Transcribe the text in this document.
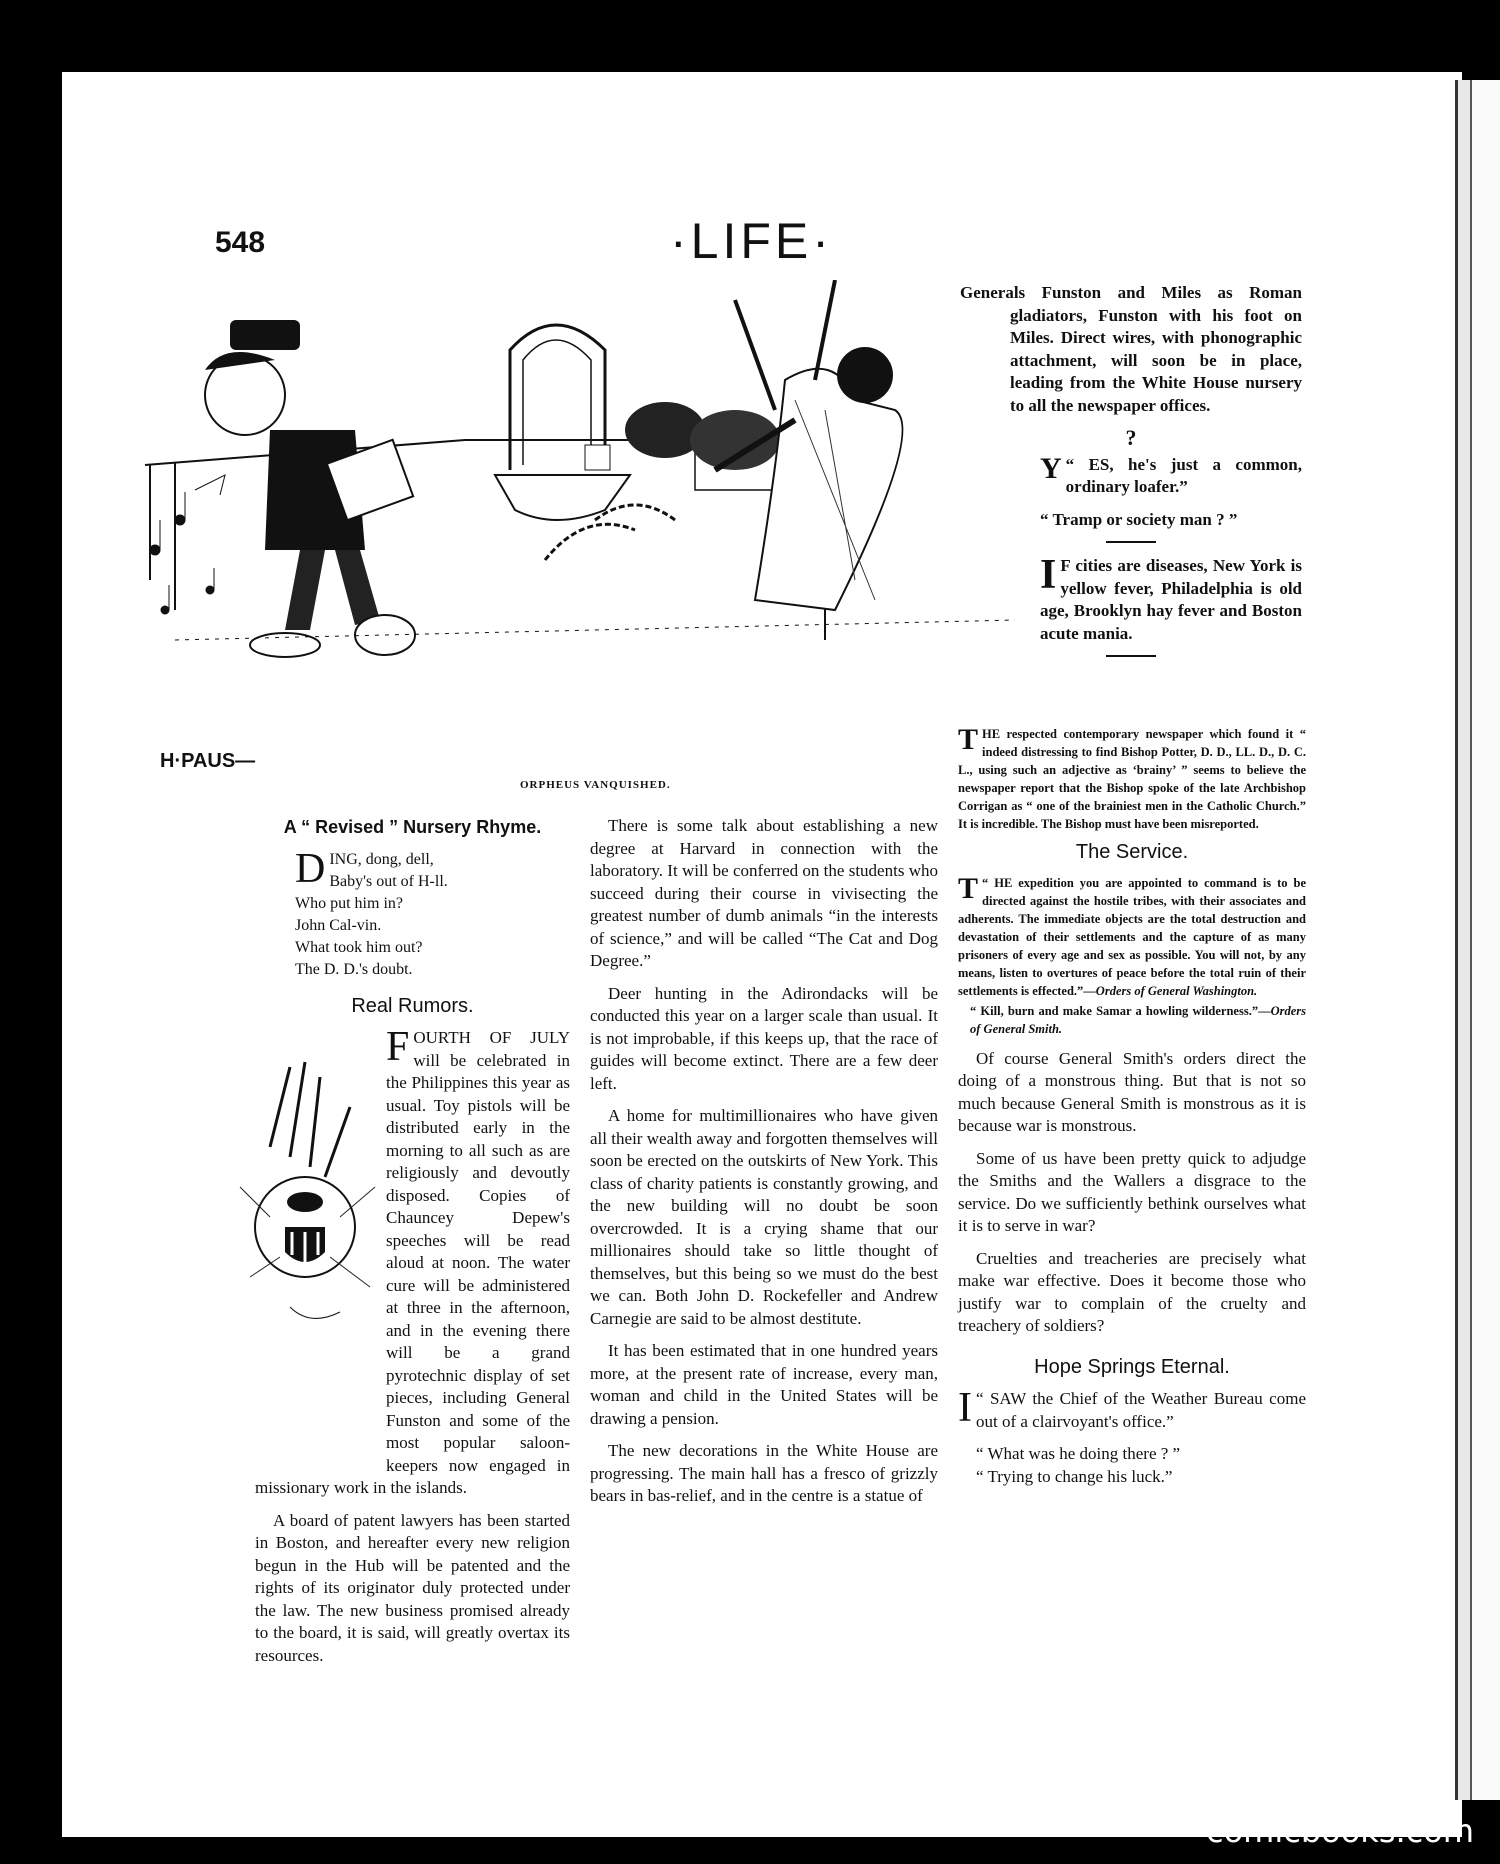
548	·LIFE·
H·PAUS—
ORPHEUS VANQUISHED.
A “ Revised ” Nursery Rhyme.
D ING, dong, dell,
Baby's out of H-ll.
Who put him in?
John Cal-vin.
What took him out?
The D. D.'s doubt.
Real Rumors.

FOURTH OF JULY will be celebrated in the Philippines this year as usual. Toy pistols will be distributed early in the morning to all such as are religiously and devoutly disposed. Copies of Chauncey Depew's speeches will be read aloud at noon. The water cure will be administered at three in the afternoon, and in the evening there will be a grand pyrotechnic display of set pieces, including General Funston and some of the most popular saloon-keepers now engaged in missionary work in the islands.

A board of patent lawyers has been started in Boston, and hereafter every new religion begun in the Hub will be patented and the rights of its originator duly protected under the law. The new business promised already to the board, it is said, will greatly overtax its resources.

There is some talk about establishing a new degree at Harvard in connection with the laboratory. It will be conferred on the students who succeed during their course in vivisecting the greatest number of dumb animals “in the interests of science,” and will be called “The Cat and Dog Degree.”

Deer hunting in the Adirondacks will be conducted this year on a larger scale than usual. It is not improbable, if this keeps up, that the race of guides will become extinct. There are a few deer left.

A home for multimillionaires who have given all their wealth away and forgotten themselves will soon be erected on the outskirts of New York. This class of charity patients is constantly growing, and the new building will no doubt be soon overcrowded. It is a crying shame that our millionaires should take so little thought of themselves, but this being so we must do the best we can. Both John D. Rockefeller and Andrew Carnegie are said to be almost destitute.

It has been estimated that in one hundred years more, at the present rate of increase, every man, woman and child in the United States will be drawing a pension.

The new decorations in the White House are progressing. The main hall has a fresco of grizzly bears in bas-relief, and in the centre is a statue of

Generals Funston and Miles as Roman gladiators, Funston with his foot on Miles. Direct wires, with phonographic attachment, will soon be in place, leading from the White House nursery to all the newspaper offices.

?

“
Y ES, he's just a common, ordinary loafer.”

“ Tramp or society man ? ”

I F cities are diseases, New York is yellow fever, Philadelphia is old age, Brooklyn hay fever and Boston acute mania.

THE respected contemporary newspaper which found it “ indeed distressing to find Bishop Potter, D. D., LL. D., D. C. L., using such an adjective as ‘brainy’ ” seems to believe the newspaper report that the Bishop spoke of the late Archbishop Corrigan as “ one of the brainiest men in the Catholic Church.” It is incredible. The Bishop must have been misreported.

The Service.

“
T HE expedition you are appointed to command is to be directed against the hostile tribes, with their associates and adherents. The immediate objects are the total destruction and devastation of their settlements and the capture of as many prisoners of every age and sex as possible. You will not, by any means, listen to overtures of peace before the total ruin of their settlements is effected.”—Orders of General Washington.

“ Kill, burn and make Samar a howling wilderness.”—Orders of General Smith.

Of course General Smith's orders direct the doing of a monstrous thing. But that is not so much because General Smith is monstrous as it is because war is monstrous.

Some of us have been pretty quick to adjudge the Smiths and the Wallers a disgrace to the service. Do we sufficiently bethink ourselves what it is to serve in war?

Cruelties and treacheries are precisely what make war effective. Does it become those who justify war to complain of the cruelty and treachery of soldiers?

Hope Springs Eternal.

“
I SAW the Chief of the Weather Bureau come out of a clairvoyant's office.”

“ What was he doing there ? ”

“ Trying to change his luck.”

comicbooks.com
